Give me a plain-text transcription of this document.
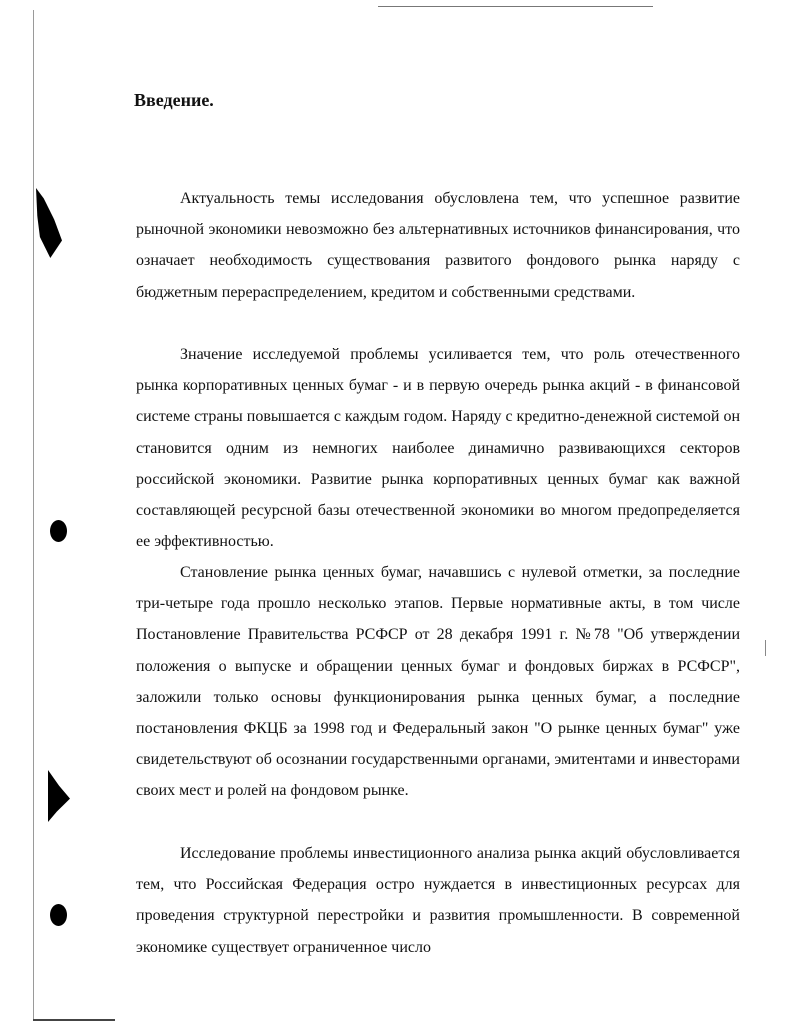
Введение.

Актуальность темы исследования обусловлена тем, что успешное развитие рыночной экономики невозможно без альтернативных источников финансирования, что означает необходимость существования развитого фондового рынка наряду с бюджетным перераспределением, кредитом и собственными средствами.

Значение исследуемой проблемы усиливается тем, что роль отечественного рынка корпоративных ценных бумаг - и в первую очередь рынка акций - в финансовой системе страны повышается с каждым годом. Наряду с кредитно-денежной системой он становится одним из немногих наиболее динамично развивающихся секторов российской экономики. Развитие рынка корпоративных ценных бумаг как важной составляющей ресурсной базы отечественной экономики во многом предопределяется ее эффективностью.

Становление рынка ценных бумаг, начавшись с нулевой отметки, за последние три-четыре года прошло несколько этапов. Первые нормативные акты, в том числе Постановление Правительства РСФСР от 28 декабря 1991 г. №78 "Об утверждении положения о выпуске и обращении ценных бумаг и фондовых биржах в РСФСР", заложили только основы функционирования рынка ценных бумаг, а последние постановления ФКЦБ за 1998 год и Федеральный закон "О рынке ценных бумаг" уже свидетельствуют об осознании государственными органами, эмитентами и инвесторами своих мест и ролей на фондовом рынке.

Исследование проблемы инвестиционного анализа рынка акций обусловливается тем, что Российская Федерация остро нуждается в инвестиционных ресурсах для проведения структурной перестройки и развития промышленности. В современной экономике существует ограниченное число
